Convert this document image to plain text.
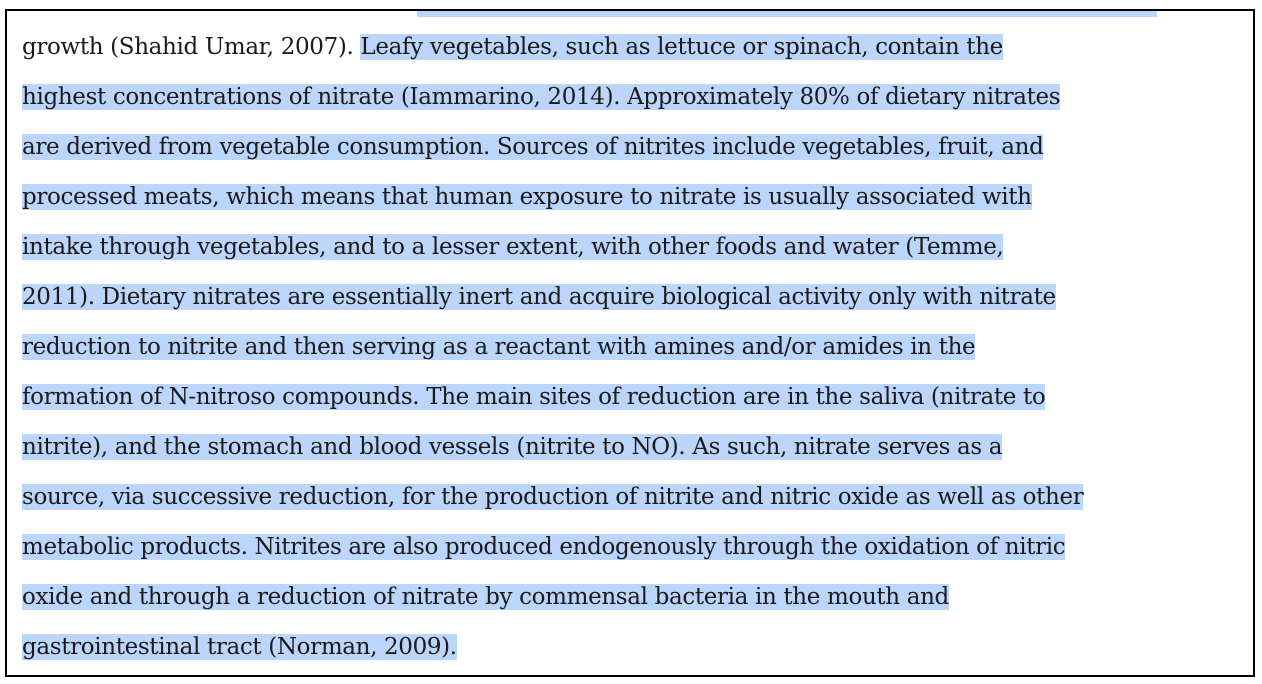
growth (Shahid Umar, 2007). Leafy vegetables, such as lettuce or spinach, contain the
highest concentrations of nitrate (Iammarino, 2014). Approximately 80% of dietary nitrates
are derived from vegetable consumption. Sources of nitrites include vegetables, fruit, and
processed meats, which means that human exposure to nitrate is usually associated with
intake through vegetables, and to a lesser extent, with other foods and water (Temme,
2011). Dietary nitrates are essentially inert and acquire biological activity only with nitrate
reduction to nitrite and then serving as a reactant with amines and/or amides in the
formation of N-nitroso compounds. The main sites of reduction are in the saliva (nitrate to
nitrite), and the stomach and blood vessels (nitrite to NO). As such, nitrate serves as a
source, via successive reduction, for the production of nitrite and nitric oxide as well as other
metabolic products. Nitrites are also produced endogenously through the oxidation of nitric
oxide and through a reduction of nitrate by commensal bacteria in the mouth and
gastrointestinal tract (Norman, 2009).
